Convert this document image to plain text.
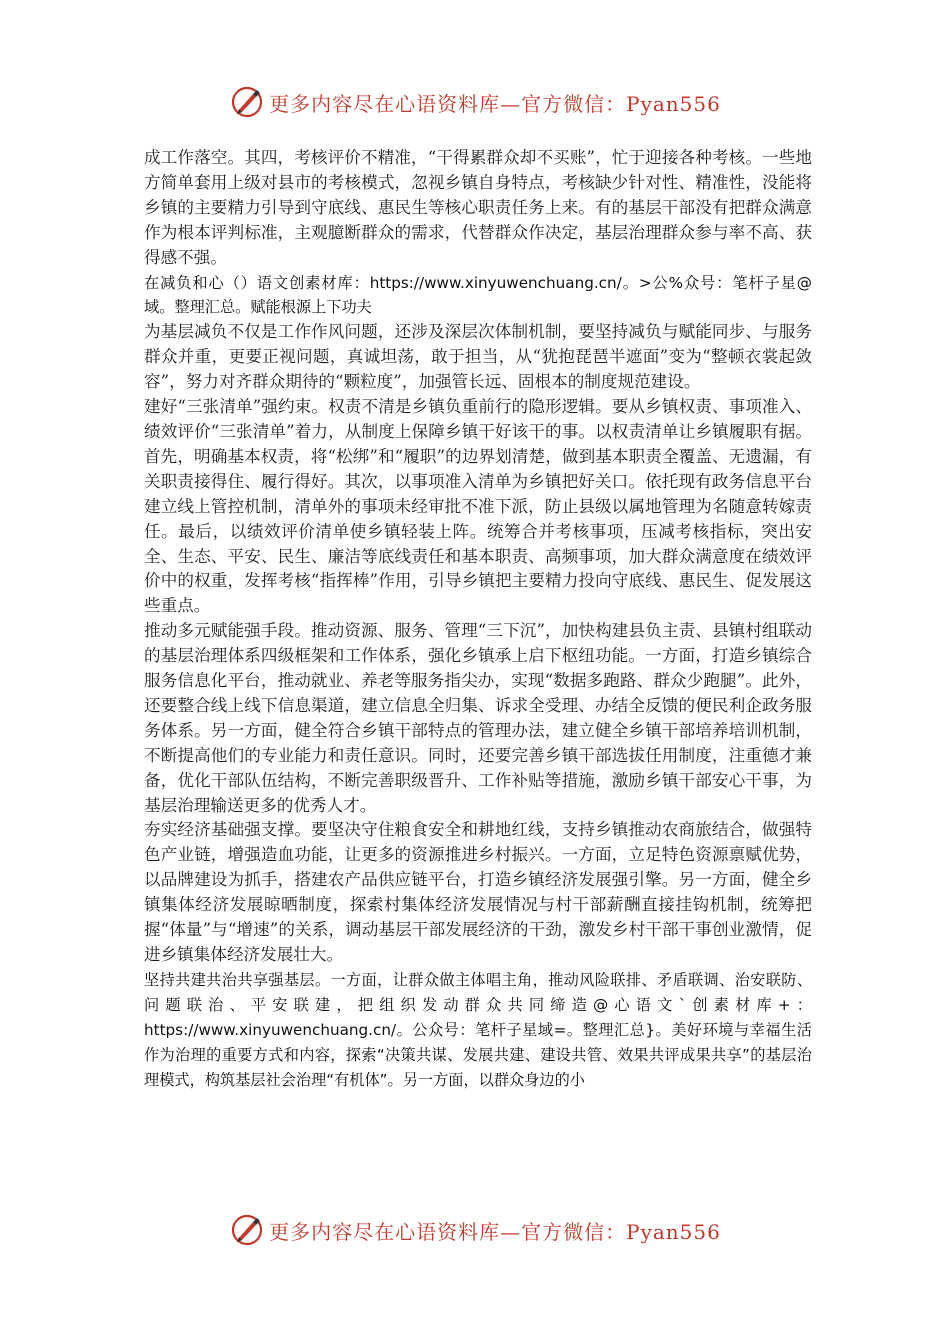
更多内容尽在心语资料库—官方微信：Pyan556

成工作落空。其四，考核评价不精准，“干得累群众却不买账”，忙于迎接各种考核。一些地方简单套用上级对县市的考核模式，忽视乡镇自身特点，考核缺少针对性、精准性，没能将乡镇的主要精力引导到守底线、惠民生等核心职责任务上来。有的基层干部没有把群众满意作为根本评判标准，主观臆断群众的需求，代替群众作决定，基层治理群众参与率不高、获得感不强。

在减负和心（）语文创素材库：https://www.xinyuwenchuang.cn/。>公%众号：笔杆子星@域。整理汇总。赋能根源上下功夫

为基层减负不仅是工作作风问题，还涉及深层次体制机制，要坚持减负与赋能同步、与服务群众并重，更要正视问题，真诚坦荡，敢于担当，从“犹抱琵琶半遮面”变为“整顿衣裳起敛容”，努力对齐群众期待的“颗粒度”，加强管长远、固根本的制度规范建设。

建好“三张清单”强约束。权责不清是乡镇负重前行的隐形逻辑。要从乡镇权责、事项准入、绩效评价“三张清单”着力，从制度上保障乡镇干好该干的事。以权责清单让乡镇履职有据。首先，明确基本权责，将“松绑”和“履职”的边界划清楚，做到基本职责全覆盖、无遗漏，有关职责接得住、履行得好。其次，以事项准入清单为乡镇把好关口。依托现有政务信息平台建立线上管控机制，清单外的事项未经审批不准下派，防止县级以属地管理为名随意转嫁责任。最后，以绩效评价清单使乡镇轻装上阵。统筹合并考核事项，压减考核指标，突出安全、生态、平安、民生、廉洁等底线责任和基本职责、高频事项，加大群众满意度在绩效评价中的权重，发挥考核“指挥棒”作用，引导乡镇把主要精力投向守底线、惠民生、促发展这些重点。

推动多元赋能强手段。推动资源、服务、管理“三下沉”，加快构建县负主责、县镇村组联动的基层治理体系四级框架和工作体系，强化乡镇承上启下枢纽功能。一方面，打造乡镇综合服务信息化平台，推动就业、养老等服务指尖办，实现“数据多跑路、群众少跑腿”。此外，还要整合线上线下信息渠道，建立信息全归集、诉求全受理、办结全反馈的便民利企政务服务体系。另一方面，健全符合乡镇干部特点的管理办法，建立健全乡镇干部培养培训机制，不断提高他们的专业能力和责任意识。同时，还要完善乡镇干部选拔任用制度，注重德才兼备，优化干部队伍结构，不断完善职级晋升、工作补贴等措施，激励乡镇干部安心干事，为基层治理输送更多的优秀人才。

夯实经济基础强支撑。要坚决守住粮食安全和耕地红线，支持乡镇推动农商旅结合，做强特色产业链，增强造血功能，让更多的资源推进乡村振兴。一方面，立足特色资源禀赋优势，以品牌建设为抓手，搭建农产品供应链平台，打造乡镇经济发展强引擎。另一方面，健全乡镇集体经济发展晾晒制度，探索村集体经济发展情况与村干部薪酬直接挂钩机制，统筹把握“体量”与“增速”的关系，调动基层干部发展经济的干劲，激发乡村干部干事创业激情，促进乡镇集体经济发展壮大。

坚持共建共治共享强基层。一方面，让群众做主体唱主角，推动风险联排、矛盾联调、治安联防、问题联治、平安联建，把组织发动群众共同缔造@心语文`创素材库+：https://www.xinyuwenchuang.cn/。公众号：笔杆子星域=。整理汇总}。美好环境与幸福生活作为治理的重要方式和内容，探索“决策共谋、发展共建、建设共管、效果共评成果共享”的基层治理模式，构筑基层社会治理“有机体”。另一方面，以群众身边的小

更多内容尽在心语资料库—官方微信：Pyan556
